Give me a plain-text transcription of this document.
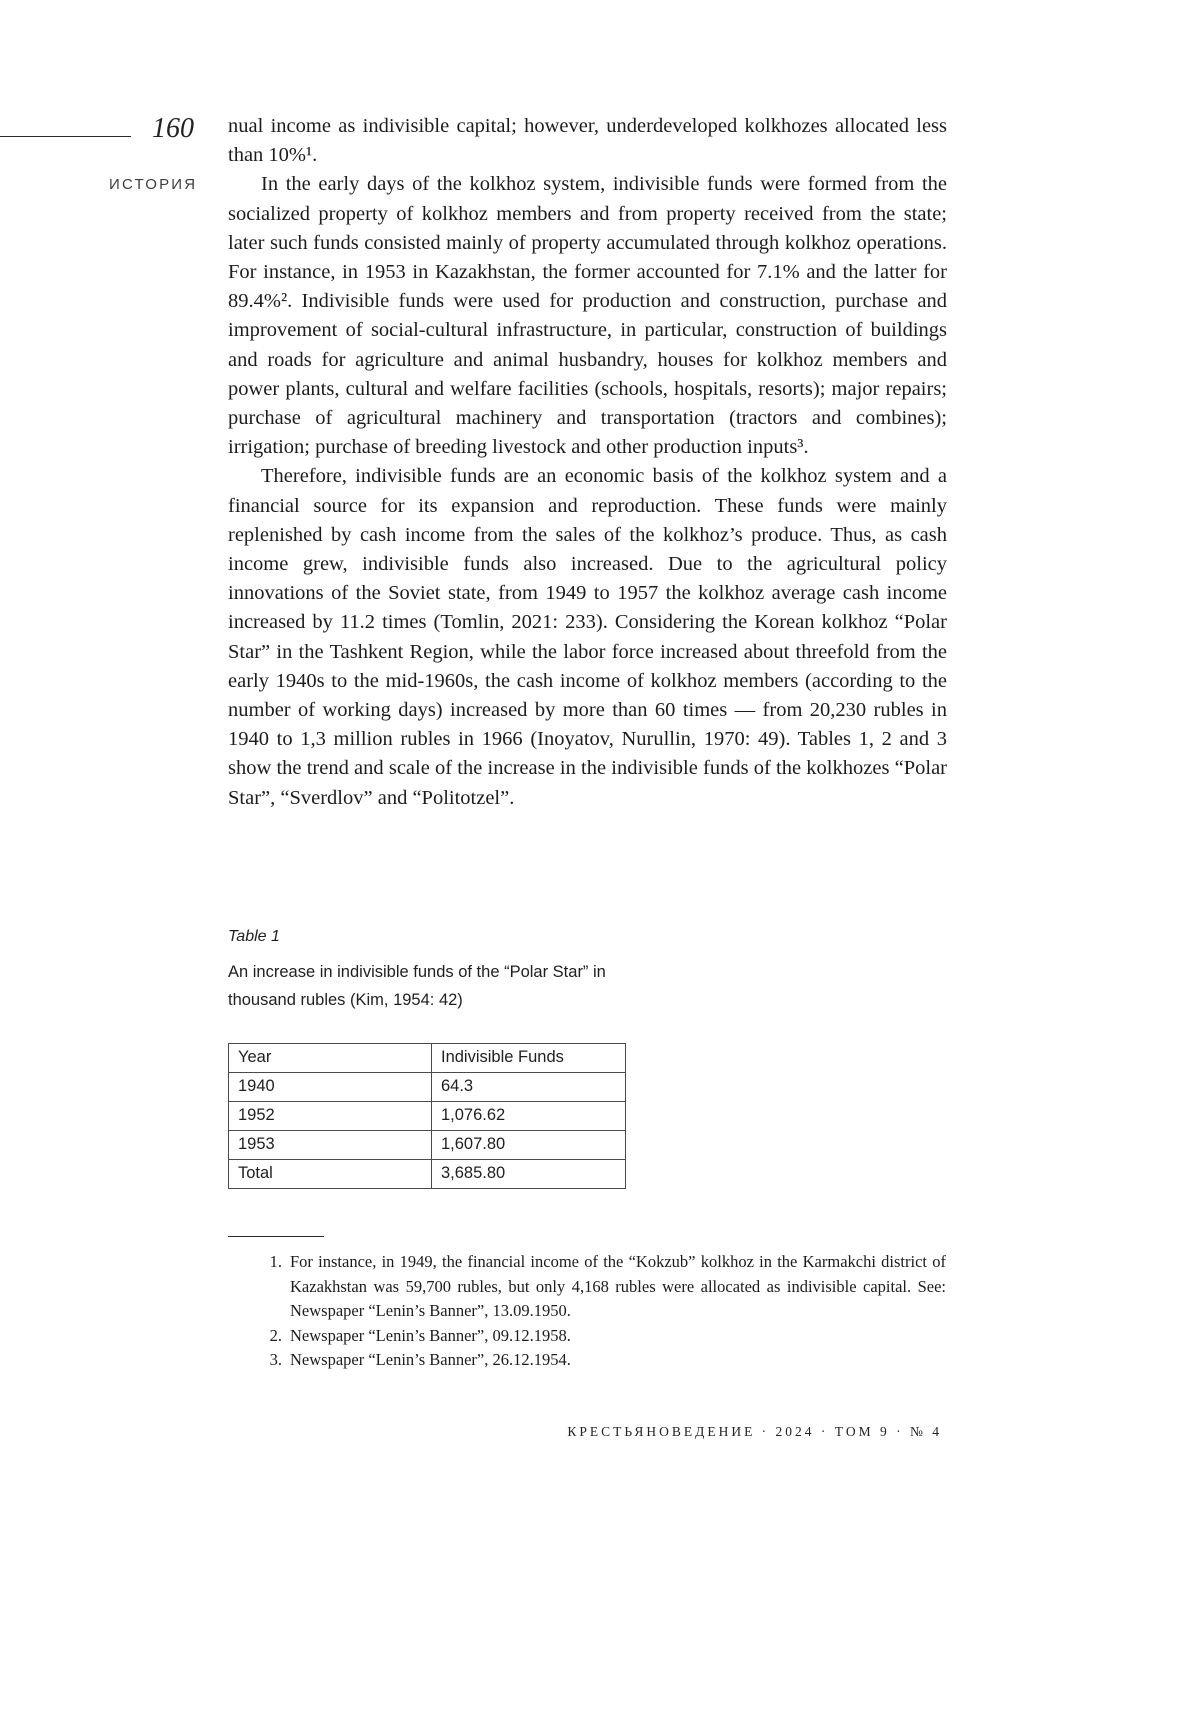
160
ИСТОРИЯ

nual income as indivisible capital; however, underdeveloped kolkhozes allocated less than 10%¹.

In the early days of the kolkhoz system, indivisible funds were formed from the socialized property of kolkhoz members and from property received from the state; later such funds consisted mainly of property accumulated through kolkhoz operations. For instance, in 1953 in Kazakhstan, the former accounted for 7.1% and the latter for 89.4%². Indivisible funds were used for production and construction, purchase and improvement of social-cultural infrastructure, in particular, construction of buildings and roads for agriculture and animal husbandry, houses for kolkhoz members and power plants, cultural and welfare facilities (schools, hospitals, resorts); major repairs; purchase of agricultural machinery and transportation (tractors and combines); irrigation; purchase of breeding livestock and other production inputs³.

Therefore, indivisible funds are an economic basis of the kolkhoz system and a financial source for its expansion and reproduction. These funds were mainly replenished by cash income from the sales of the kolkhoz’s produce. Thus, as cash income grew, indivisible funds also increased. Due to the agricultural policy innovations of the Soviet state, from 1949 to 1957 the kolkhoz average cash income increased by 11.2 times (Tomlin, 2021: 233). Considering the Korean kolkhoz “Polar Star” in the Tashkent Region, while the labor force increased about threefold from the early 1940s to the mid-1960s, the cash income of kolkhoz members (according to the number of working days) increased by more than 60 times — from 20,230 rubles in 1940 to 1,3 million rubles in 1966 (Inoyatov, Nurullin, 1970: 49). Tables 1, 2 and 3 show the trend and scale of the increase in the indivisible funds of the kolkhozes “Polar Star”, “Sverdlov” and “Politotzel”.

Table 1
An increase in indivisible funds of the “Polar Star” in thousand rubles (Kim, 1954: 42)
Year	Indivisible Funds
1940	64.3
1952	1,076.62
1953	1,607.80
Total	3,685.80
1. For instance, in 1949, the financial income of the “Kokzub” kolkhoz in the Karmakchi district of Kazakhstan was 59,700 rubles, but only 4,168 rubles were allocated as indivisible capital. See: Newspaper “Lenin’s Banner”, 13.09.1950.
2. Newspaper “Lenin’s Banner”, 09.12.1958.
3. Newspaper “Lenin’s Banner”, 26.12.1954.
КРЕСТЬЯНОВЕДЕНИЕ · 2024 · ТОМ 9 · № 4
